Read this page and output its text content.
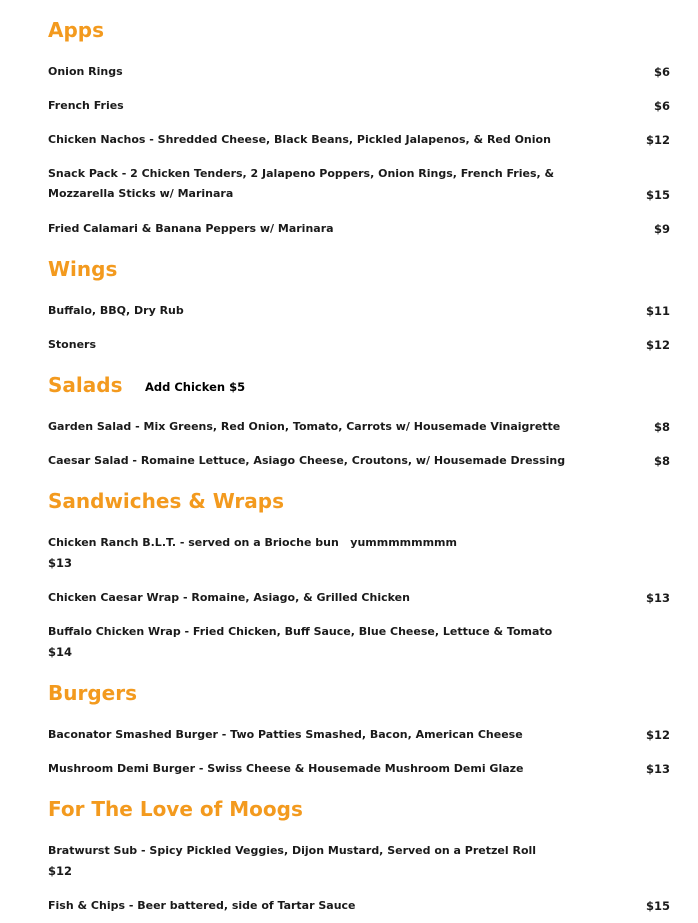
Apps
Onion Rings	$6
French Fries	$6
Chicken Nachos - Shredded Cheese, Black Beans, Pickled Jalapenos, & Red Onion	$12
Snack Pack - 2 Chicken Tenders, 2 Jalapeno Poppers, Onion Rings, French Fries, & Mozzarella Sticks w/ Marinara	$15
Fried Calamari & Banana Peppers w/ Marinara	$9
Wings
Buffalo, BBQ, Dry Rub	$11
Stoners	$12
Salads Add Chicken $5
Garden Salad - Mix Greens, Red Onion, Tomato, Carrots w/ Housemade Vinaigrette	$8
Caesar Salad - Romaine Lettuce, Asiago Cheese, Croutons, w/ Housemade Dressing	$8
Sandwiches & Wraps
Chicken Ranch B.L.T. - served on a Brioche bun   yummmmmmmm
$13
Chicken Caesar Wrap - Romaine, Asiago, & Grilled Chicken	$13
Buffalo Chicken Wrap - Fried Chicken, Buff Sauce, Blue Cheese, Lettuce & Tomato
$14
Burgers
Baconator Smashed Burger - Two Patties Smashed, Bacon, American Cheese	$12
Mushroom Demi Burger - Swiss Cheese & Housemade Mushroom Demi Glaze	$13
For The Love of Moogs
Bratwurst Sub - Spicy Pickled Veggies, Dijon Mustard, Served on a Pretzel Roll
$12
Fish & Chips - Beer battered, side of Tartar Sauce	$15
